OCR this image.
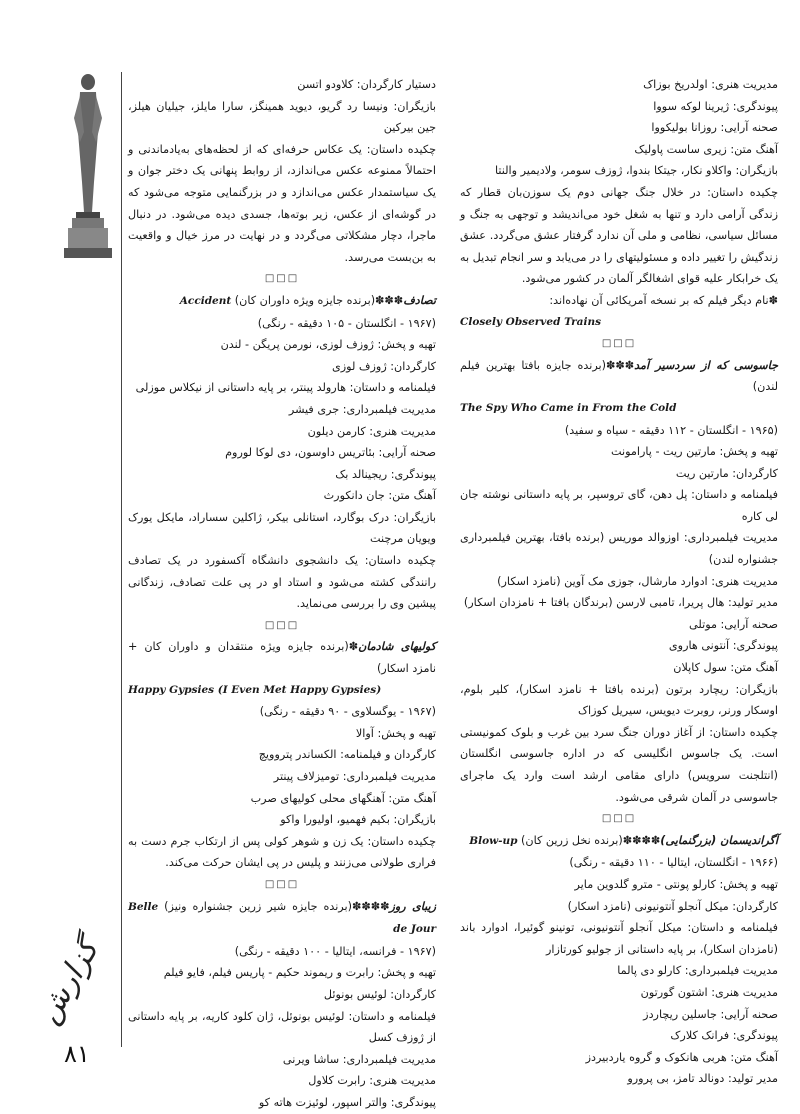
گزارش
۸۱

مدیریت هنری: اولدریخ بوزاک

پیوندگری: ژیرینا لوکه سووا

صحنه آرایی: روزانا بولیکووا

آهنگ متن: زیری ساست پاولیک

بازیگران: واکلاو نکار، جیتکا بندوا، ژوزف سومر، ولادیمیر والنتا

چکیده داستان: در خلال جنگ جهانی دوم یک سوزن‌بان قطار که زندگی آرامی دارد و تنها به شغل خود می‌اندیشد و توجهی به جنگ و مسائل سیاسی، نظامی و ملی آن ندارد گرفتار عشق می‌گردد. عشق زندگیش را تغییر داده و مسئولیتهای را در می‌یابد و سر انجام تبدیل به یک خرابکار علیه قوای اشغالگر آلمان در کشور می‌شود.

✽نام دیگر فیلم که بر نسخه آمریکائی آن نهاده‌اند:

Closely Observed Trains

□□□

جاسوسی که از سردسیر آمد✽✽✽(برنده جایزه بافتا بهترین فیلم لندن)

The Spy Who Came in From the Cold

(۱۹۶۵ - انگلستان - ۱۱۲ دقیقه - سیاه و سفید)

تهیه و پخش: مارتین ریت - پارامونت

کارگردان: مارتین ریت

فیلمنامه و داستان: پل دهن، گای تروسپر، بر پایه داستانی نوشته جان لی کاره

مدیریت فیلمبرداری: اوزوالد موریس (برنده بافتا، بهترین فیلمبرداری جشنواره لندن)

مدیریت هنری: ادوارد مارشال، جوزی مک آوین (نامزد اسکار)

مدیر تولید: هال پریرا، تامبی لارسن (برندگان بافتا + نامزدان اسکار)

صحنه آرایی: موتلی

پیوندگری: آنتونی هاروی

آهنگ متن: سول کاپلان

بازیگران: ریچارد برتون (برنده بافتا + نامزد اسکار)، کلیر بلوم، اوسکار ورنر، روبرت دیویس، سیریل کوزاک

چکیده داستان: از آغاز دوران جنگ سرد بین غرب و بلوک کمونیستی است. یک جاسوس انگلیسی که در اداره جاسوسی انگلستان (انتلجنت سرویس) دارای مقامی ارشد است وارد یک ماجرای جاسوسی در آلمان شرقی می‌شود.

□□□

آگراندیسمان (بزرگنمایی)✽✽✽✽(برنده نخل زرین کان) Blow-up

(۱۹۶۶ - انگلستان، ایتالیا - ۱۱۰ دقیقه - رنگی)

تهیه و پخش: کارلو پونتی - مترو گلدوین مایر

کارگردان: میکل آنجلو آنتونیونی (نامزد اسکار)

فیلمنامه و داستان: میکل آنجلو آنتونیونی، تونینو گوئیرا، ادوارد باند (نامزدان اسکار)، بر پایه داستانی از جولیو کورتازار

مدیریت فیلمبرداری: کارلو دی پالما

مدیریت هنری: اشتون گورتون

صحنه آرایی: جاسلین ریچاردز

پیوندگری: فرانک کلارک

آهنگ متن: هربی هانکوک و گروه یاردبیردز

مدیر تولید: دونالد تامز، بی پرورو

دستیار کارگردان: کلاودو اتسن

بازیگران: ونیسا رد گریو، دیوید همینگز، سارا مایلز، جیلیان هیلز، جین بیرکین

چکیده داستان: یک عکاس حرفه‌ای که از لحظه‌های به‌یادماندنی و احتمالاً ممنوعه عکس می‌اندازد، از روابط پنهانی یک دختر جوان و یک سیاستمدار عکس می‌اندازد و در بزرگنمایی متوجه می‌شود که در گوشه‌ای از عکس، زیر بوته‌ها، جسدی دیده می‌شود. در دنبال ماجرا، دچار مشکلاتی می‌گردد و در نهایت در مرز خیال و واقعیت به بن‌بست می‌رسد.

□□□

تصادف✽✽✽(برنده جایزه ویژه داوران کان) Accident

(۱۹۶۷ - انگلستان - ۱۰۵ دقیقه - رنگی)

تهیه و پخش: ژوزف لوزی، نورمن پریگن - لندن

کارگردان: ژوزف لوزی

فیلمنامه و داستان: هارولد پینتر، بر پایه داستانی از نیکلاس موزلی

مدیریت فیلمبرداری: جری فیشر

مدیریت هنری: کارمن دیلون

صحنه آرایی: بئاتریس داوسون، دی لوکا لوروم

پیوندگری: ریجینالد بک

آهنگ متن: جان دانکورث

بازیگران: درک بوگارد، استانلی بیکر، ژاکلین سساراد، مایکل یورک ویویان مرچنت

چکیده داستان: یک دانشجوی دانشگاه آکسفورد در یک تصادف رانندگی کشته می‌شود و استاد او در پی علت تصادف، زندگانی پیشین وی را بررسی می‌نماید.

□□□

کولیهای شادمان✽(برنده جایزه ویژه منتقدان و داوران کان + نامزد اسکار)

Happy Gypsies (I Even Met Happy Gypsies)

(۱۹۶۷ - یوگسلاوی - ۹۰ دقیقه - رنگی)

تهیه و پخش: آوالا

کارگردان و فیلمنامه: الکساندر پتروویچ

مدیریت فیلمبرداری: تومیزلاف پینتر

آهنگ متن: آهنگهای محلی کولیهای صرب

بازیگران: بکیم فهمیو، اولیورا واکو

چکیده داستان: یک زن و شوهر کولی پس از ارتکاب جرم دست به فراری طولانی می‌زنند و پلیس در پی ایشان حرکت می‌کند.

□□□

زیبای روز✽✽✽✽(برنده جایزه شیر زرین جشنواره ونیز) Belle de Jour

(۱۹۶۷ - فرانسه، ایتالیا - ۱۰۰ دقیقه - رنگی)

تهیه و پخش: رابرت و ریموند حکیم - پاریس فیلم، فایو فیلم

کارگردان: لوئیس بونوئل

فیلمنامه و داستان: لوئیس بونوئل، ژان کلود کاریه، بر پایه داستانی از ژوزف کسل

مدیریت فیلمبرداری: ساشا ویرنی

مدیریت هنری: رابرت کلاول

پیوندگری: والتر اسپور، لوئیزت هاته کو
